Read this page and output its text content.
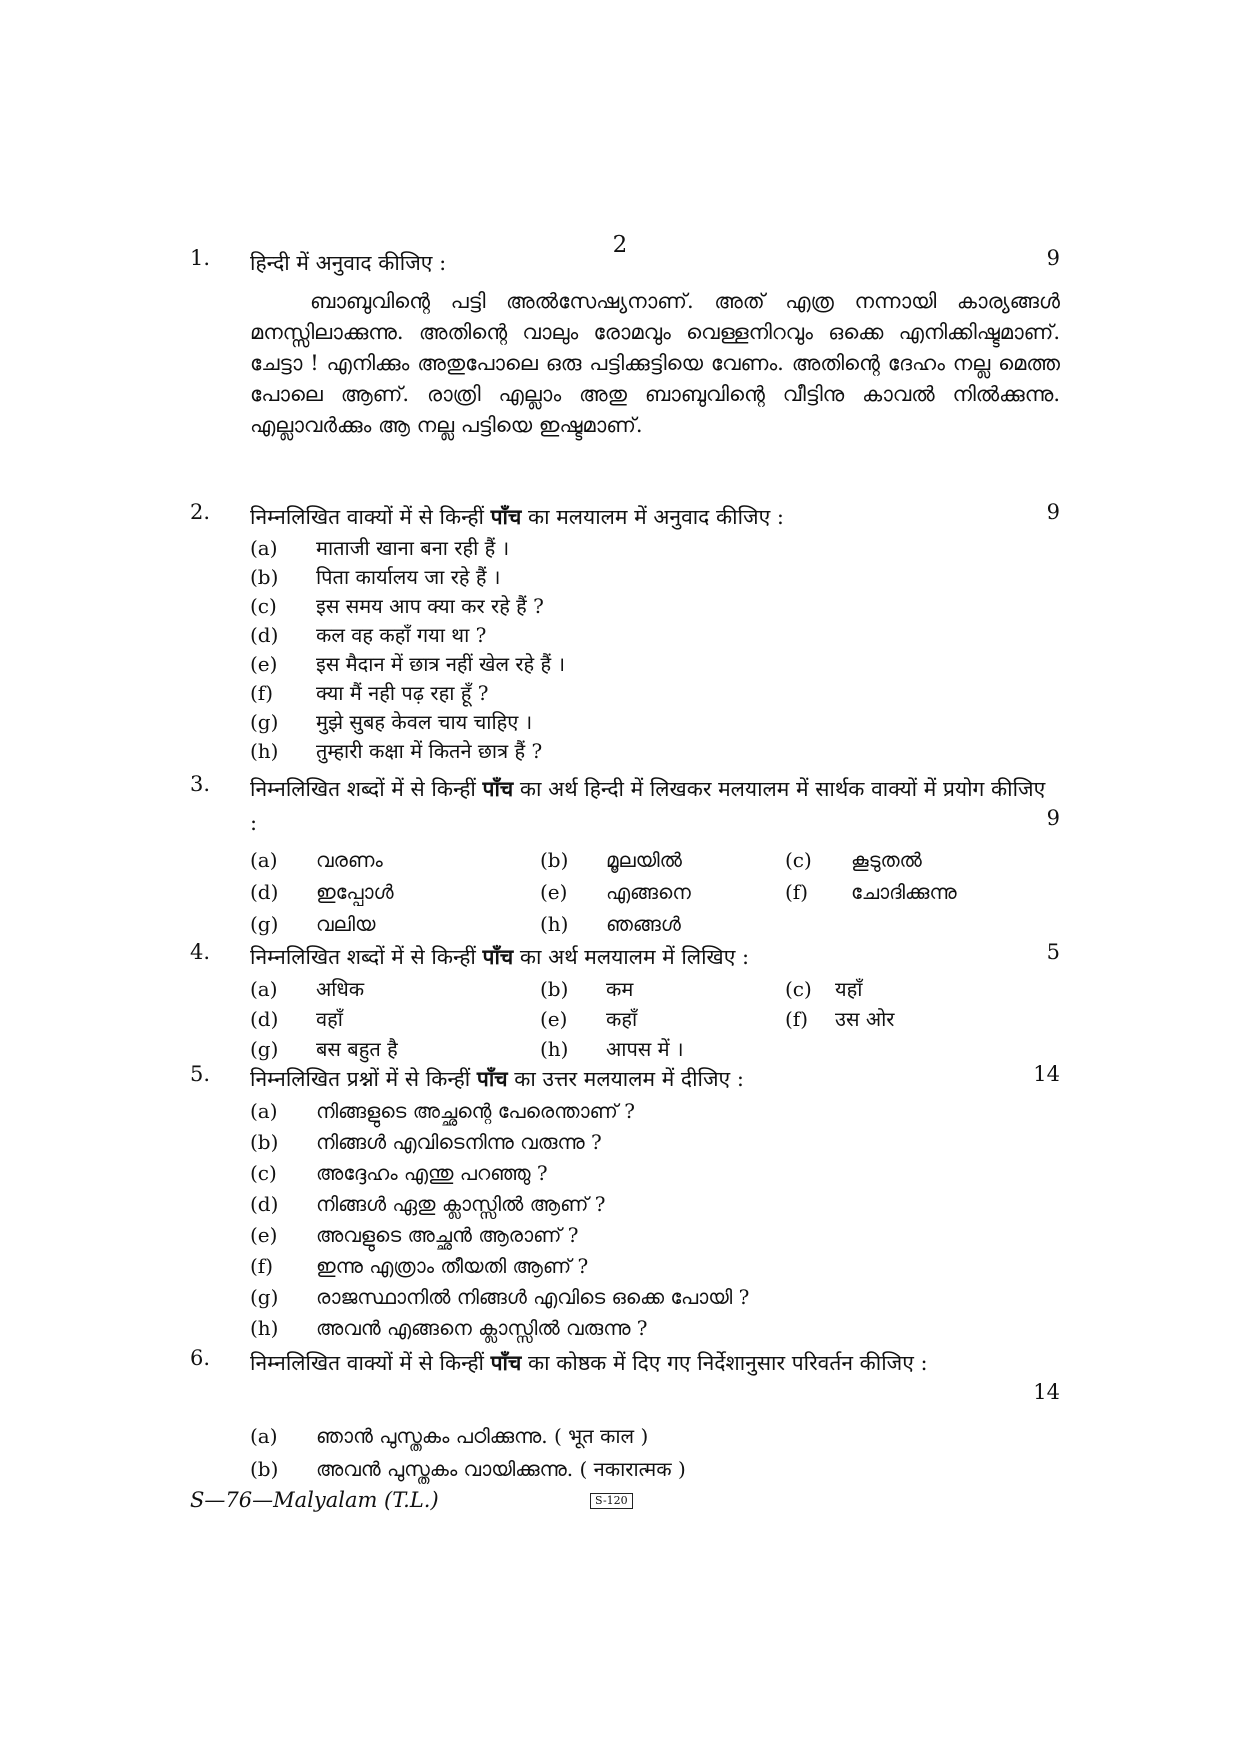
2
1.	9
हिन्दी में अनुवाद कीजिए :
ബാബുവിന്റെ പട്ടി അൽസേഷ്യനാണ്. അത് എത്ര നന്നായി കാര്യങ്ങൾ മനസ്സിലാക്കുന്നു. അതിന്റെ വാലും രോമവും വെള്ളനിറവും ഒക്കെ എനിക്കിഷ്ടമാണ്. ചേട്ടാ ! എനിക്കും അതുപോലെ ഒരു പട്ടിക്കുട്ടിയെ വേണം. അതിന്റെ ദേഹം നല്ല മെത്ത പോലെ ആണ്. രാത്രി എല്ലാം അതു ബാബുവിന്റെ വീട്ടിനു കാവൽ നിൽക്കുന്നു. എല്ലാവർക്കും ആ നല്ല പട്ടിയെ ഇഷ്ടമാണ്.
2.	9
निम्नलिखित वाक्यों में से किन्हीं पाँच का मलयालम में अनुवाद कीजिए :
(a) माताजी खाना बना रही हैं ।
(b) पिता कार्यालय जा रहे हैं ।
(c) इस समय आप क्या कर रहे हैं ?
(d) कल वह कहाँ गया था ?
(e) इस मैदान में छात्र नहीं खेल रहे हैं ।
(f) क्या मैं नही पढ़ रहा हूँ ?
(g) मुझे सुबह केवल चाय चाहिए ।
(h) तुम्हारी कक्षा में कितने छात्र हैं ?
3.
9
निम्नलिखित शब्दों में से किन्हीं पाँच का अर्थ हिन्दी में लिखकर मलयालम में सार्थक वाक्यों में प्रयोग कीजिए :
(a) വരണം	(b) മൂലയിൽ	(c) കൂടുതൽ
(d) ഇപ്പോൾ	(e) എങ്ങനെ	(f) ചോദിക്കുന്നു
(g) വലിയ	(h) ഞങ്ങൾ
4.	5
निम्नलिखित शब्दों में से किन्हीं पाँच का अर्थ मलयालम में लिखिए :
(a) अधिक	(b) कम	(c) यहाँ
(d) वहाँ	(e) कहाँ	(f) उस ओर
(g) बस बहुत है	(h) आपस में ।
5.	14
निम्नलिखित प्रश्नों में से किन्हीं पाँच का उत्तर मलयालम में दीजिए :
(a) നിങ്ങളുടെ അച്ഛന്റെ പേരെന്താണ് ?
(b) നിങ്ങൾ എവിടെനിന്നു വരുന്നു ?
(c) അദ്ദേഹം എന്തു പറഞ്ഞു ?
(d) നിങ്ങൾ ഏതു ക്ലാസ്സിൽ ആണ് ?
(e) അവളുടെ അച്ഛൻ ആരാണ് ?
(f) ഇന്നു എത്രാം തീയതി ആണ് ?
(g) രാജസ്ഥാനിൽ നിങ്ങൾ എവിടെ ഒക്കെ പോയി ?
(h) അവൻ എങ്ങനെ ക്ലാസ്സിൽ വരുന്നു ?
6.
14
निम्नलिखित वाक्यों में से किन्हीं पाँच का कोष्ठक में दिए गए निर्देशानुसार परिवर्तन कीजिए :
(a) ഞാൻ പുസ്തകം പഠിക്കുന്നു. ( भूत काल )
(b) അവൻ പുസ്തകം വായിക്കുന്നു. ( नकारात्मक )
S—76—Malyalam (T.L.)	S-120
